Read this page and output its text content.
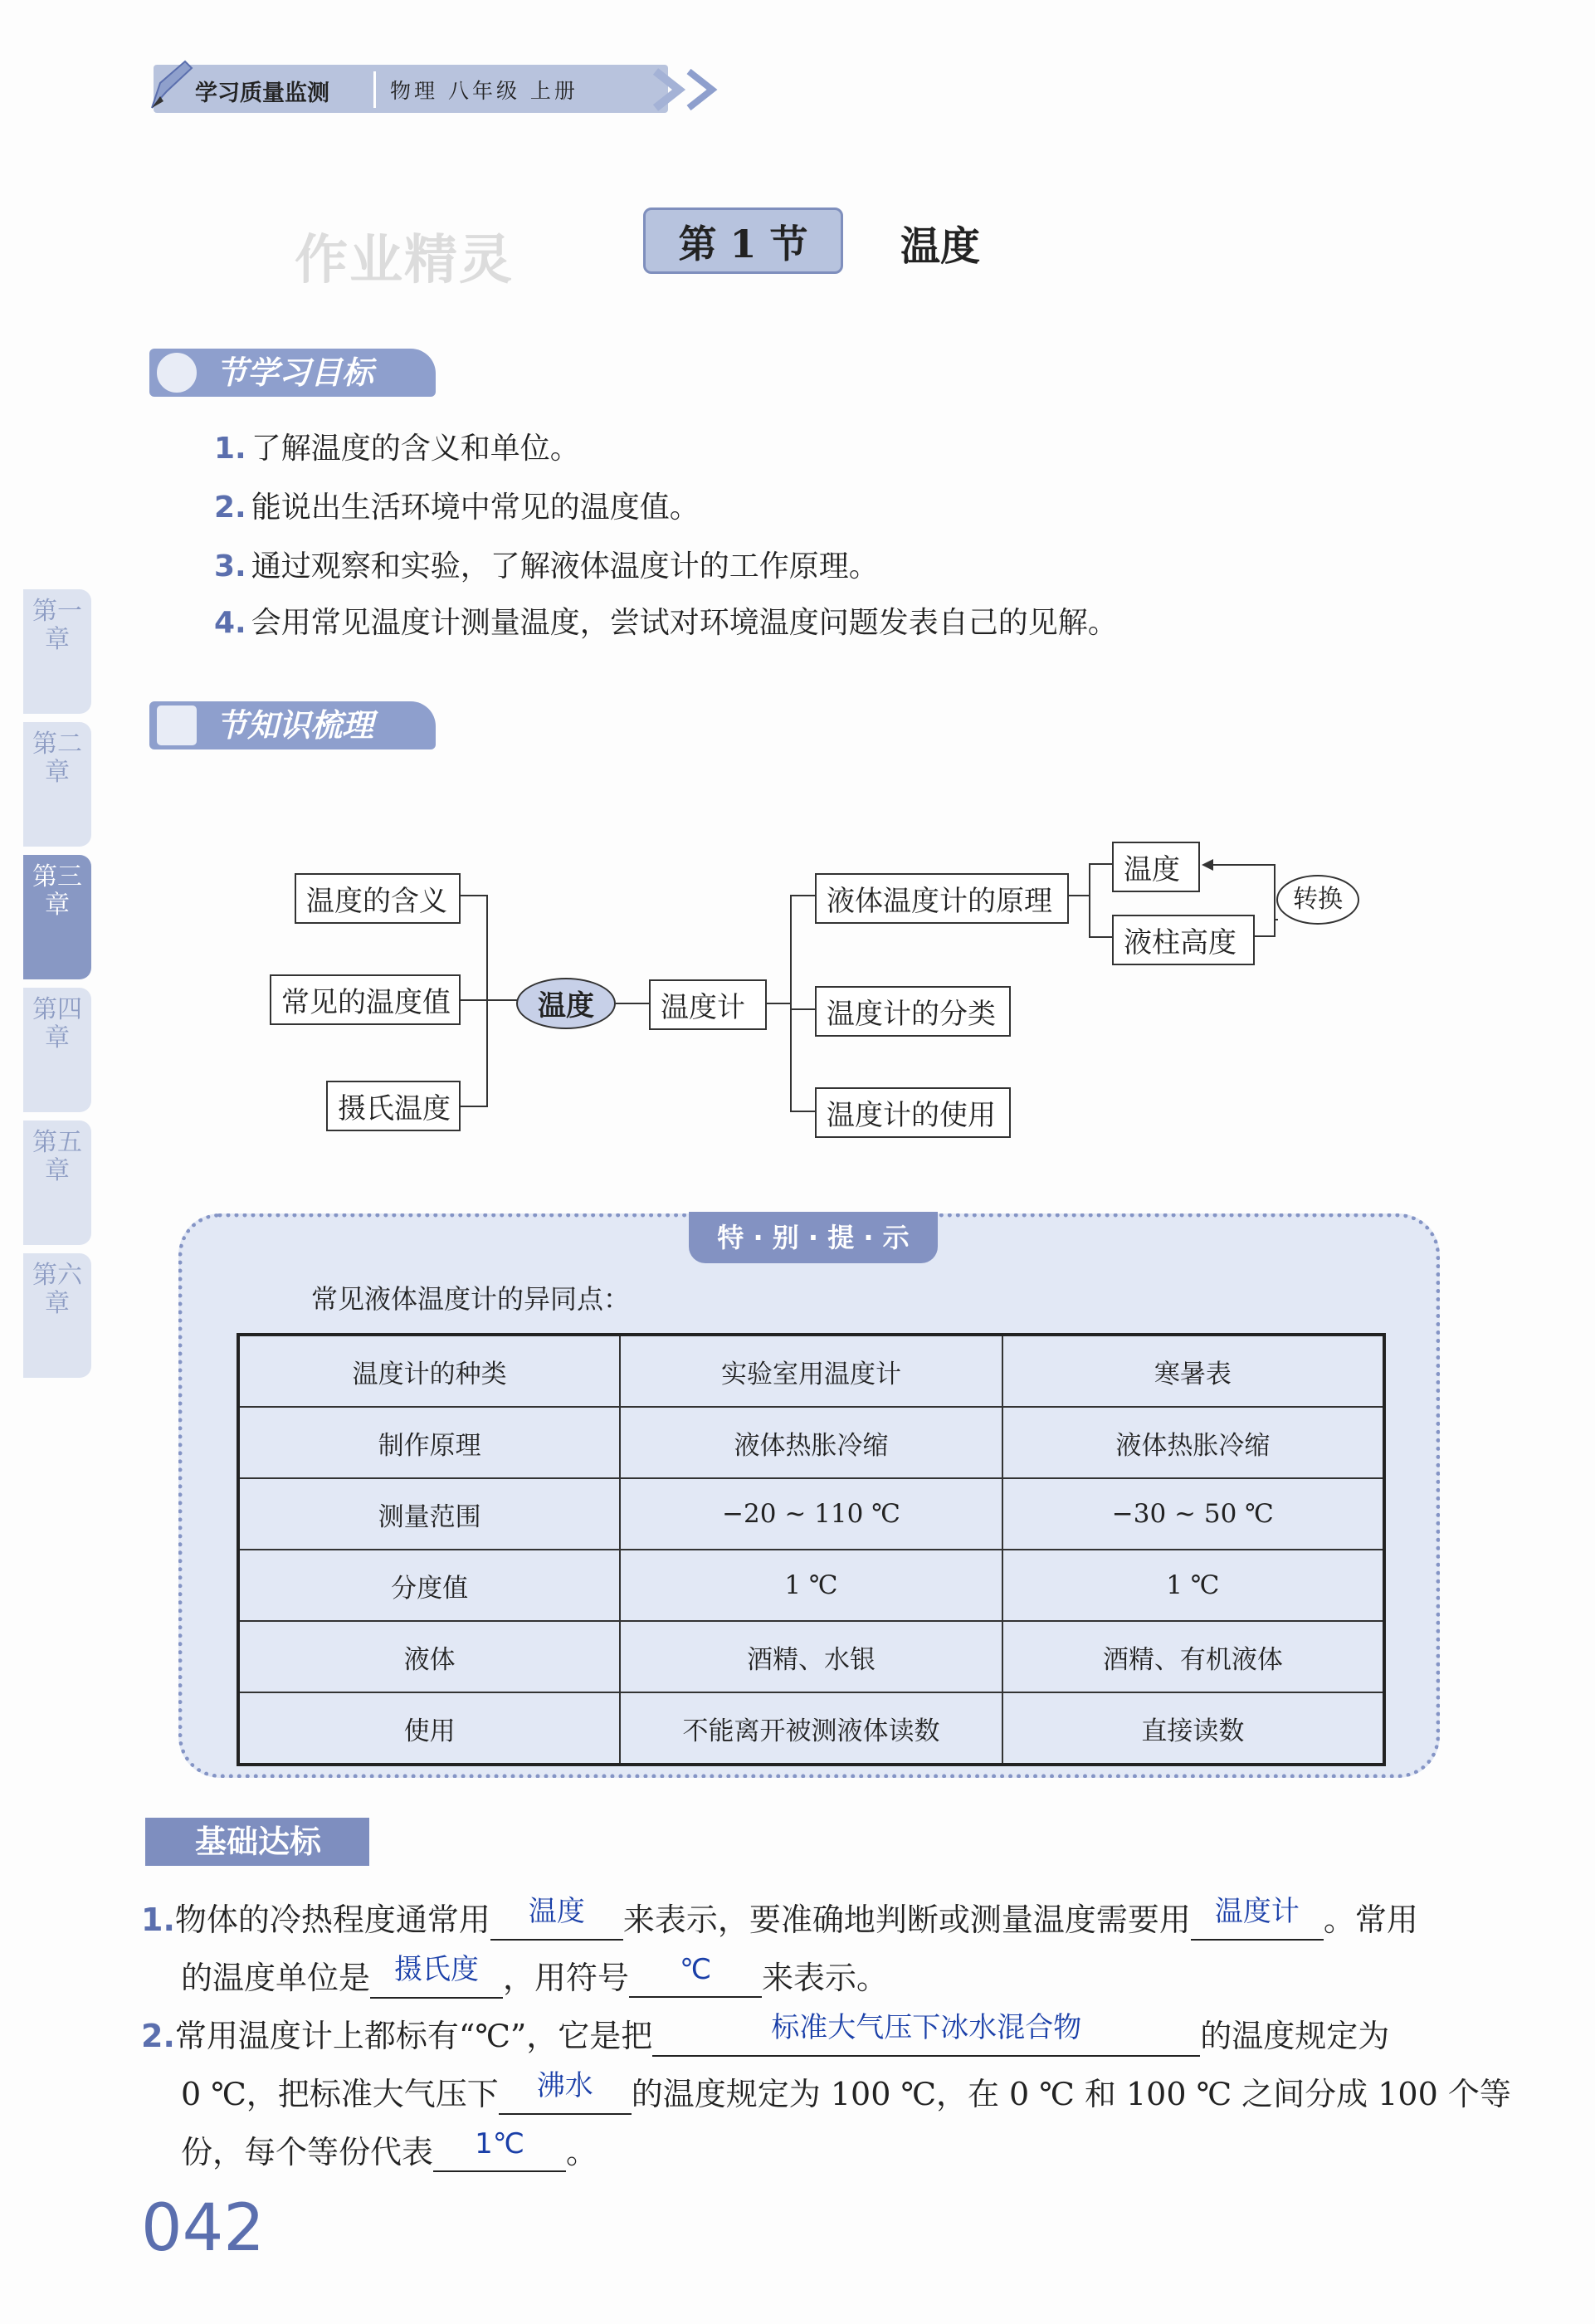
学习质量监测	物理 八年级 上册
作业精灵	第 1 节	温度
节学习目标
1. 了解温度的含义和单位。
2. 能说出生活环境中常见的温度值。
3. 通过观察和实验，了解液体温度计的工作原理。
4. 会用常见温度计测量温度，尝试对环境温度问题发表自己的见解。
节知识梳理
第一章
第二章
第三章
第四章
第五章
第六章
温度的含义
常见的温度值
摄氏温度
温度	温度计
液体温度计的原理
温度计的分类
温度计的使用
温度
液柱高度
转换
特 · 别 · 提 · 示
常见液体温度计的异同点：
温度计的种类	实验室用温度计	寒暑表
制作原理	液体热胀冷缩	液体热胀冷缩
测量范围	−20 ~ 110 ℃	−30 ~ 50 ℃
分度值	1 ℃	1 ℃
液体	酒精、水银	酒精、有机液体
使用	不能离开被测液体读数	直接读数
基础达标
1.物体的冷热程度通常用 温度 来表示，要准确地判断或测量温度需要用 温度计 。常用
的温度单位是 摄氏度 ，用符号 ℃ 来表示。
2.常用温度计上都标有“℃”，它是把	标准大气压下冰水混合物	的温度规定为
0 ℃，把标准大气压下 沸水 的温度规定为 100 ℃，在 0 ℃ 和 100 ℃ 之间分成 100 个等
份，每个等份代表 1℃ 。
042
